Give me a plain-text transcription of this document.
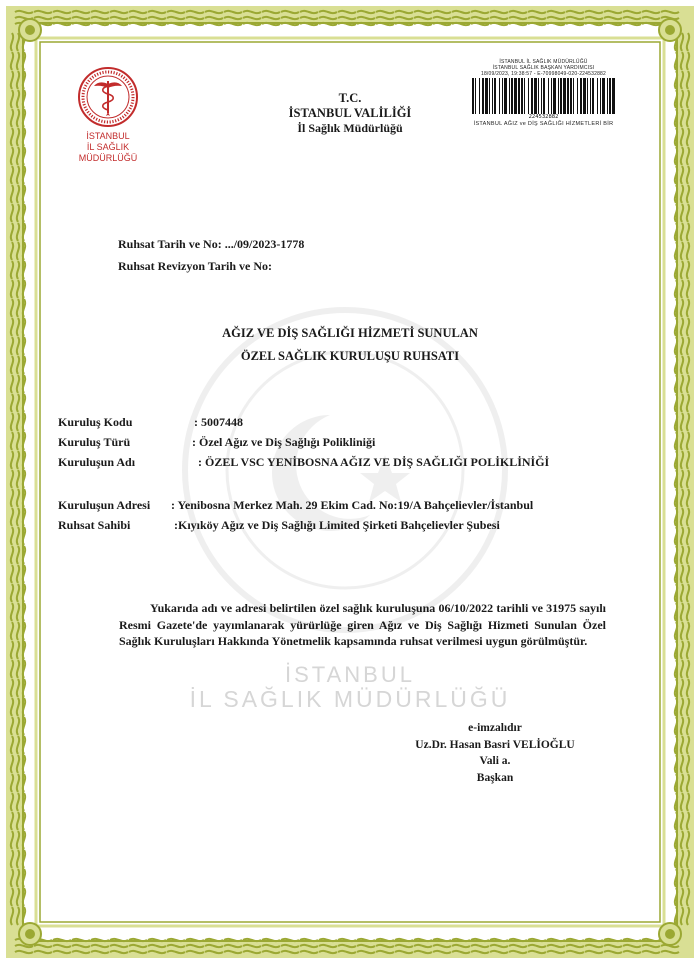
İSTANBUL
İL SAĞLIK MÜDÜRLÜĞÜ
İSTANBUL
İL SAĞLIK MÜDÜRLÜĞÜ
T.C.
İSTANBUL VALİLİĞİ
İl Sağlık Müdürlüğü
İSTANBUL İL SAĞLIK MÜDÜRLÜĞÜ
İSTANBUL SAĞLIK BAŞKAN YARDIMCISI
18/09/2023, 19:38:57 - E-70998049-020-224532882
224532882
İSTANBUL AĞIZ ve DİŞ SAĞLIĞI HİZMETLERİ BİR
Ruhsat Tarih ve No: .../09/2023-1778
Ruhsat Revizyon Tarih ve No:
AĞIZ VE DİŞ SAĞLIĞI HİZMETİ SUNULAN
ÖZEL SAĞLIK KURULUŞU RUHSATI
Kuruluş Kodu	: 5007448
Kuruluş Türü	: Özel Ağız ve Diş Sağlığı Polikliniği
Kuruluşun Adı	: ÖZEL VSC YENİBOSNA AĞIZ VE DİŞ SAĞLIĞI POLİKLİNİĞİ
Kuruluşun Adresi	: Yenibosna Merkez Mah. 29 Ekim Cad. No:19/A Bahçelievler/İstanbul
Ruhsat Sahibi	:Kıyıköy Ağız ve Diş Sağlığı Limited Şirketi Bahçelievler Şubesi
Yukarıda adı ve adresi belirtilen özel sağlık kuruluşuna 06/10/2022 tarihli ve 31975 sayılı Resmi Gazete'de yayımlanarak yürürlüğe giren Ağız ve Diş Sağlığı Hizmeti Sunulan Özel Sağlık Kuruluşları Hakkında Yönetmelik kapsamında ruhsat verilmesi uygun görülmüştür.
e-imzalıdır
Uz.Dr. Hasan Basri VELİOĞLU
Vali a.
Başkan
